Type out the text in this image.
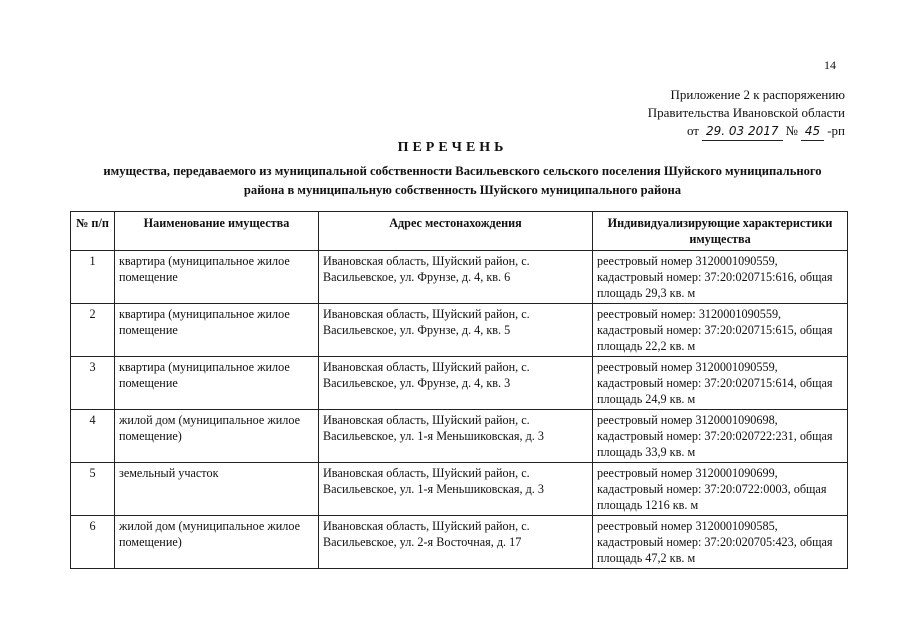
14
Приложение 2 к распоряжению
Правительства Ивановской области
от 29. 03 2017 № 45 -рп
ПЕРЕЧЕНЬ
имущества, передаваемого из муниципальной собственности Васильевского сельского поселения Шуйского муниципального района в муниципальную собственность Шуйского муниципального района
№ п/п	Наименование имущества	Адрес местонахождения	Индивидуализирующие характеристики имущества
1	квартира (муниципальное жилое помещение	Ивановская область, Шуйский район, с. Васильевское, ул. Фрунзе, д. 4, кв. 6	реестровый номер 3120001090559, кадастровый номер: 37:20:020715:616, общая площадь 29,3 кв. м
2	квартира (муниципальное жилое помещение	Ивановская область, Шуйский район, с. Васильевское, ул. Фрунзе, д. 4, кв. 5	реестровый номер: 3120001090559, кадастровый номер: 37:20:020715:615, общая площадь 22,2 кв. м
3	квартира (муниципальное жилое помещение	Ивановская область, Шуйский район, с. Васильевское, ул. Фрунзе, д. 4, кв. 3	реестровый номер 3120001090559, кадастровый номер: 37:20:020715:614, общая площадь 24,9 кв. м
4	жилой дом (муниципальное жилое помещение)	Ивановская область, Шуйский район, с. Васильевское, ул. 1-я Меньшиковская, д. 3	реестровый номер 3120001090698, кадастровый номер: 37:20:020722:231, общая площадь 33,9 кв. м
5	земельный участок	Ивановская область, Шуйский район, с. Васильевское, ул. 1-я Меньшиковская, д. 3	реестровый номер 3120001090699, кадастровый номер: 37:20:0722:0003, общая площадь 1216 кв. м
6	жилой дом (муниципальное жилое помещение)	Ивановская область, Шуйский район, с. Васильевское, ул. 2-я Восточная, д. 17	реестровый номер 3120001090585, кадастровый номер: 37:20:020705:423, общая площадь 47,2 кв. м
